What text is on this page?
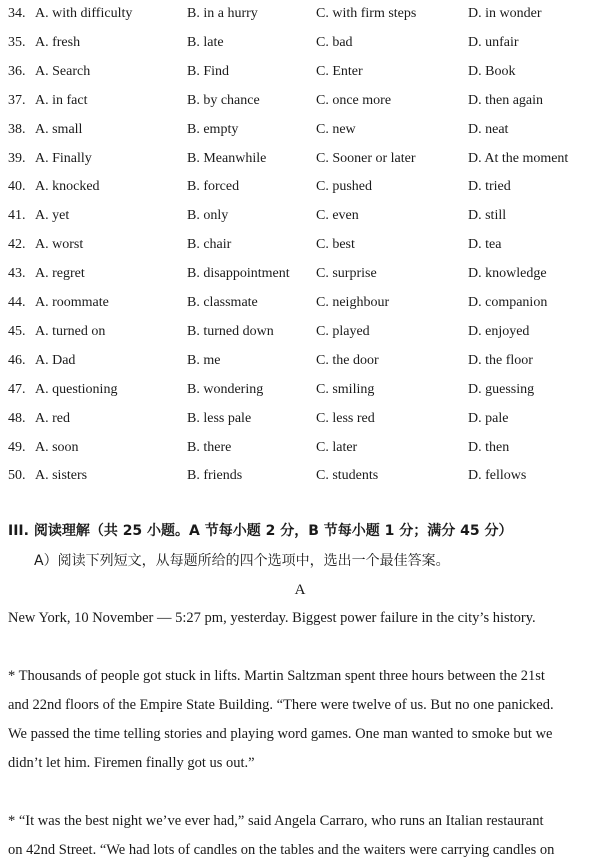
34. A. with difficulty	B. in a hurry	C. with firm steps	D. in wonder
35. A. fresh	B. late	C. bad	D. unfair
36. A. Search	B. Find	C. Enter	D. Book
37. A. in fact	B. by chance	C. once more	D. then again
38. A. small	B. empty	C. new	D. neat
39. A. Finally	B. Meanwhile	C. Sooner or later	D. At the moment
40. A. knocked	B. forced	C. pushed	D. tried
41. A. yet	B. only	C. even	D. still
42. A. worst	B. chair	C. best	D. tea
43. A. regret	B. disappointment C. surprise	D. knowledge
44. A. roommate	B. classmate	C. neighbour	D. companion
45. A. turned on	B. turned down	C. played	D. enjoyed
46. A. Dad	B. me	C. the door	D. the floor
47. A. questioning	B. wondering	C. smiling	D. guessing
48. A. red	B. less pale	C. less red	D. pale
49. A. soon	B. there	C. later	D. then
50. A. sisters	B. friends	C. students	D. fellows
III. 阅读理解（共 25 小题。A 节每小题 2 分，B 节每小题 1 分；满分 45 分）
A）阅读下列短文，从每题所给的四个选项中，选出一个最佳答案。
A
New York, 10 November — 5:27 pm, yesterday. Biggest power failure in the city’s history.
* Thousands of people got stuck in lifts. Martin Saltzman spent three hours between the 21st
and 22nd floors of the Empire State Building. “There were twelve of us. But no one panicked.
We passed the time telling stories and playing word games. One man wanted to smoke but we
didn’t let him. Firemen finally got us out.”
* “It was the best night we’ve ever had,” said Angela Carraro, who runs an Italian restaurant
on 42nd Street. “We had lots of candles on the tables and the waiters were carrying candles on
